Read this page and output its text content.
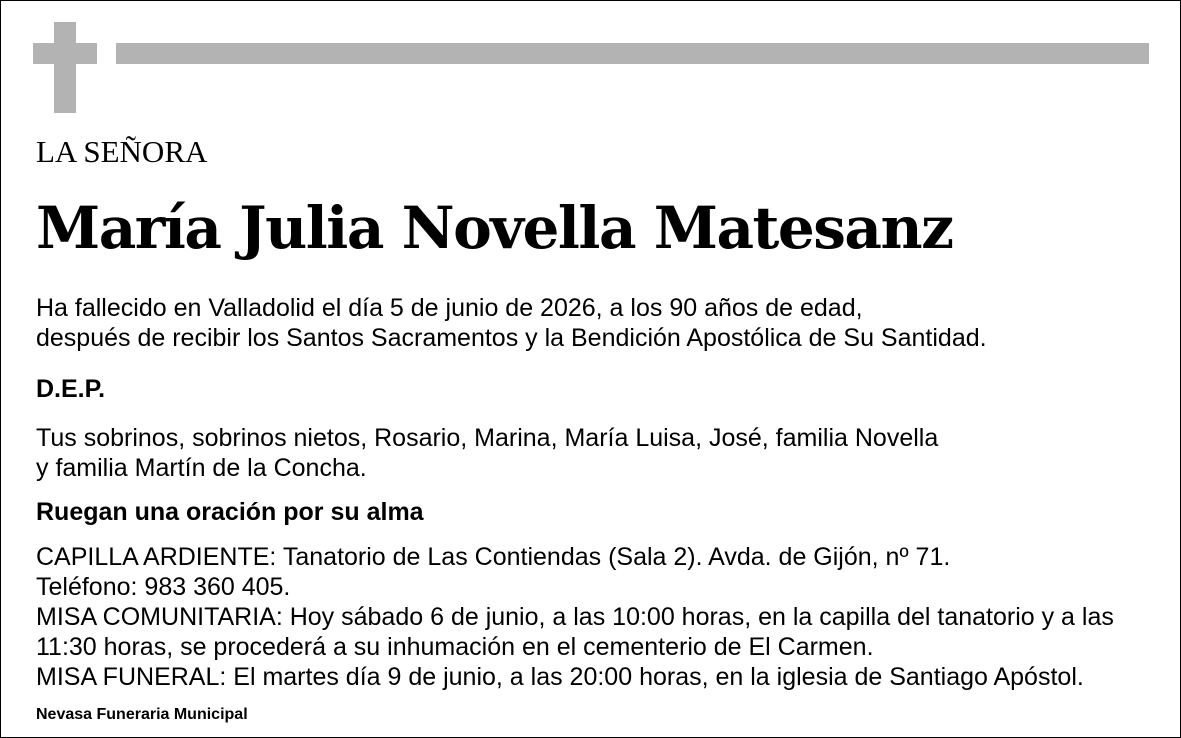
LA SEÑORA

María Julia Novella Matesanz
Ha fallecido en Valladolid el día 5 de junio de 2026, a los 90 años de edad,
después de recibir los Santos Sacramentos y la Bendición Apostólica de Su Santidad.

D.E.P.

Tus sobrinos, sobrinos nietos, Rosario, Marina, María Luisa, José, familia Novella
y familia Martín de la Concha.

Ruegan una oración por su alma

CAPILLA ARDIENTE: Tanatorio de Las Contiendas (Sala 2). Avda. de Gijón, nº 71.
Teléfono: 983 360 405.
MISA COMUNITARIA: Hoy sábado 6 de junio, a las 10:00 horas, en la capilla del tanatorio y a las
11:30 horas, se procederá a su inhumación en el cementerio de El Carmen.
MISA FUNERAL: El martes día 9 de junio, a las 20:00 horas, en la iglesia de Santiago Apóstol.

Nevasa Funeraria Municipal
